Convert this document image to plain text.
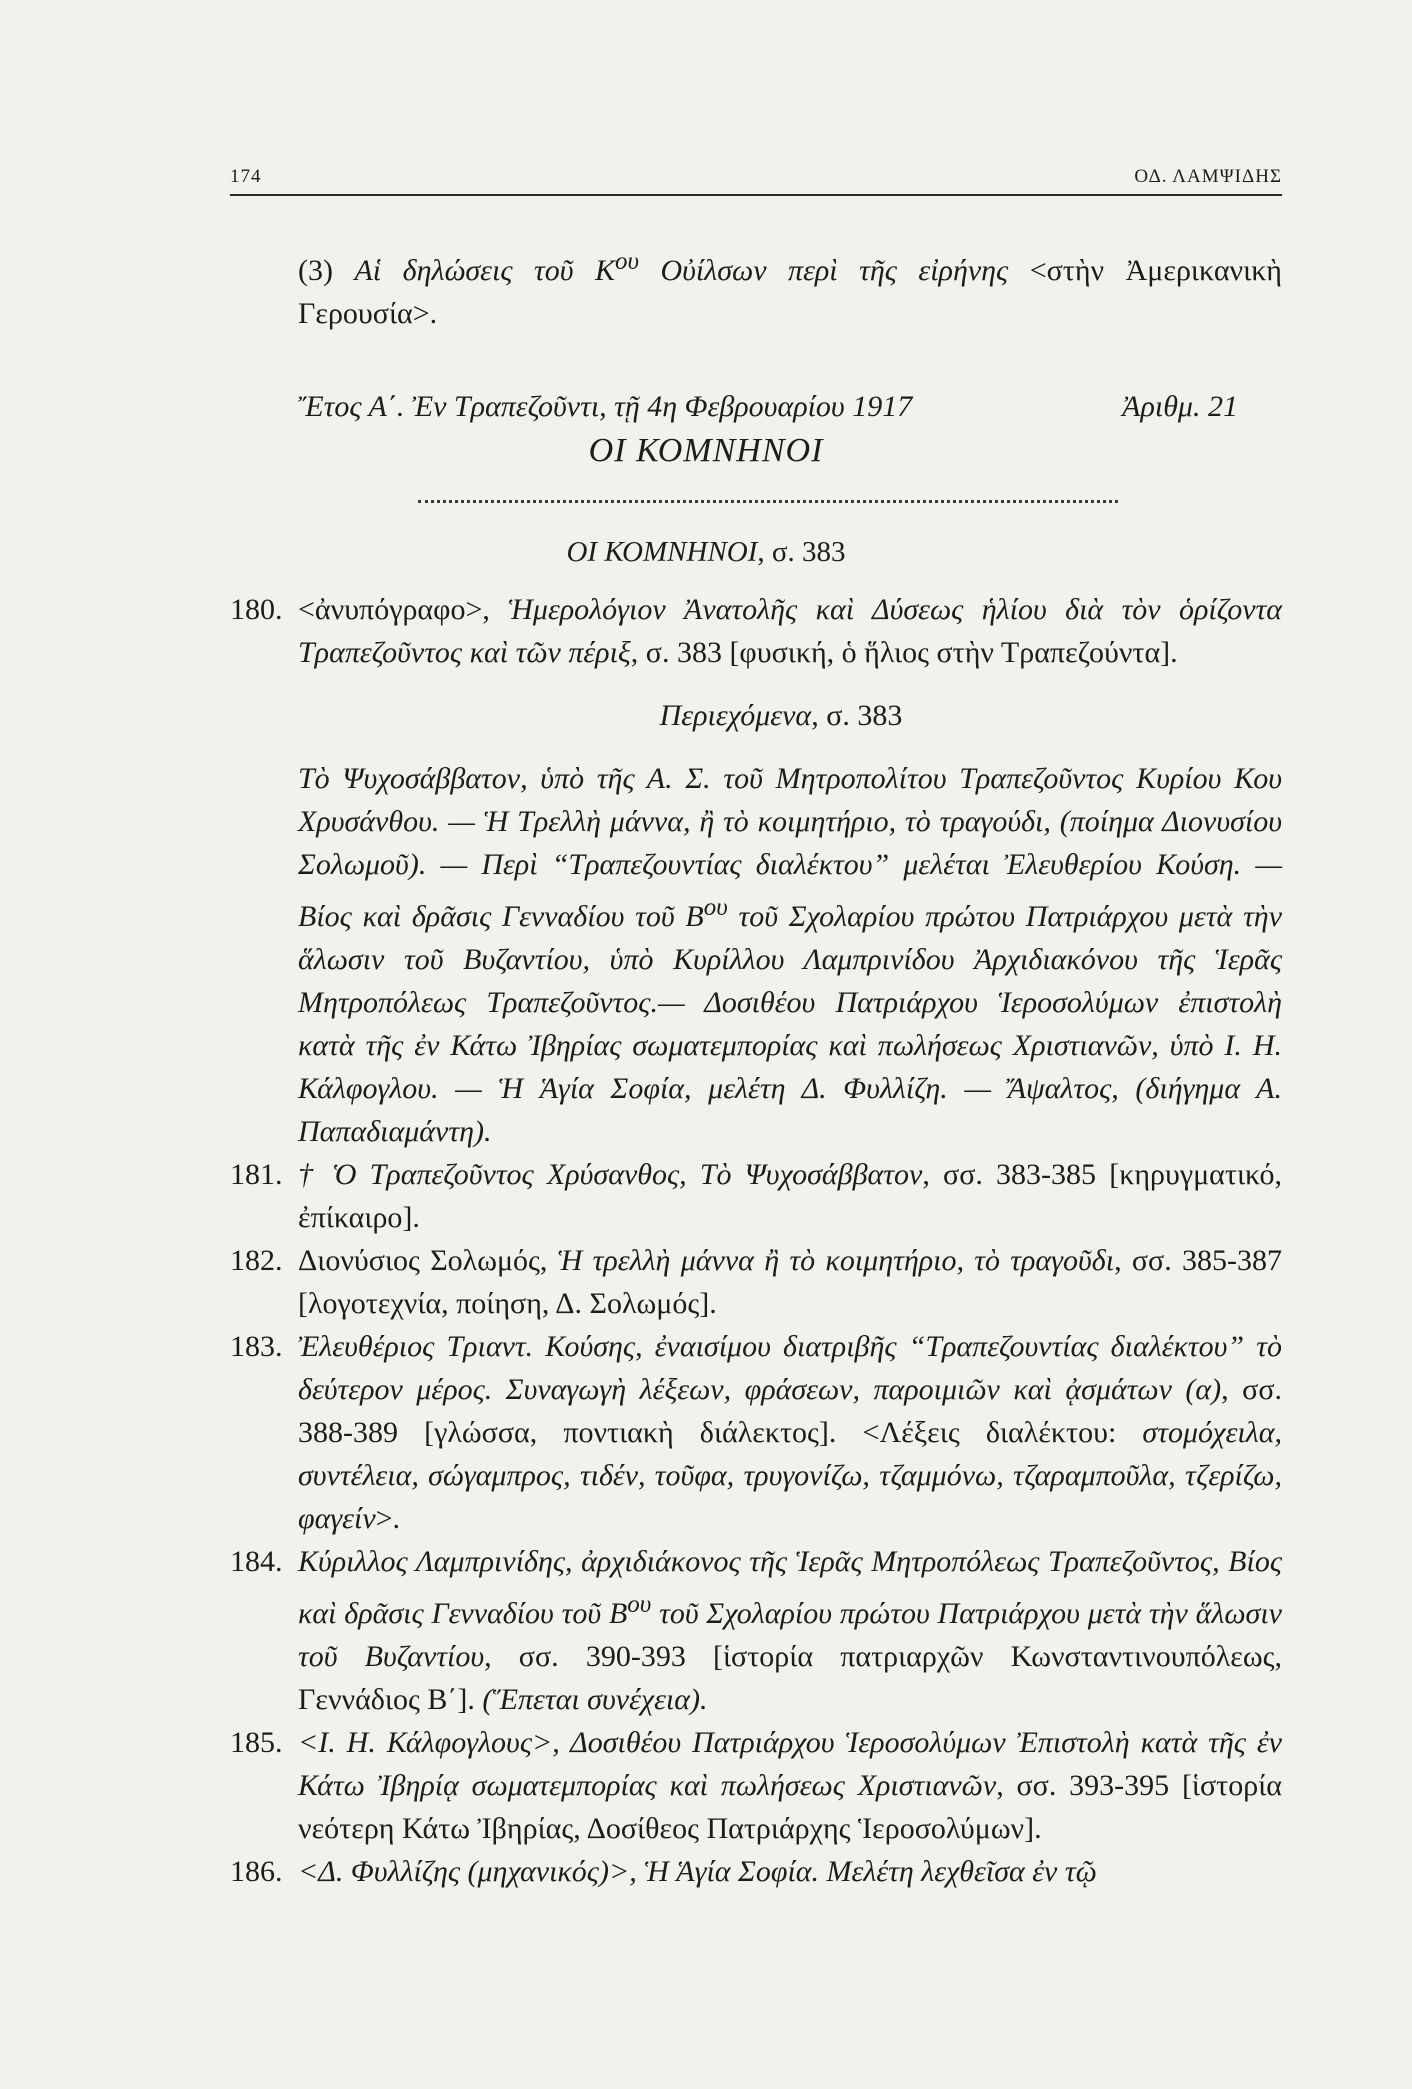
174	ΟΔ. ΛΑΜΨΙΔΗΣ
(3) Αἱ δηλώσεις τοῦ $K^{o\upsilon}$ Οὐίλσων περὶ τῆς εἰρήνης <στὴν Ἀμερικανικὴ Γερουσία>.
Ἔτος Α΄. Ἐν Τραπεζοῦντι, τῇ 4η Φεβρουαρίου 1917	Ἀριθμ. 21
ΟΙ ΚΟΜΝΗΝΟΙ
ΟΙ ΚΟΜΝΗΝΟΙ, σ. 383
180. <ἀνυπόγραφο>, Ἡμερολόγιον Ἀνατολῆς καὶ Δύσεως ἡλίου διὰ τὸν ὁρίζοντα Τραπεζοῦντος καὶ τῶν πέριξ, σ. 383 [φυσική, ὁ ἥλιος στὴν Τραπεζούντα].
Περιεχόμενα, σ. 383
Τὸ Ψυχοσάββατον, ὑπὸ τῆς Α. Σ. τοῦ Μητροπολίτου Τραπεζοῦντος Κυρίου Κου Χρυσάνθου. — Ἡ Τρελλὴ μάννα, ἢ τὸ κοιμητήριο, τὸ τραγούδι, (ποίημα Διονυσίου Σολωμοῦ). — Περὶ “Τραπεζουντίας διαλέκτου” μελέται Ἐλευθερίου Κούση. — Βίος καὶ δρᾶσις Γενναδίου τοῦ $B^{o\upsilon}$ τοῦ Σχολαρίου πρώτου Πατριάρχου μετὰ τὴν ἅλωσιν τοῦ Βυζαντίου, ὑπὸ Κυρίλλου Λαμπρινίδου Ἀρχιδιακόνου τῆς Ἱερᾶς Μητροπόλεως Τραπεζοῦντος.— Δοσιθέου Πατριάρχου Ἱεροσολύμων ἐπιστολὴ κατὰ τῆς ἐν Κάτω Ἰβηρίας σωματεμπορίας καὶ πωλήσεως Χριστιανῶν, ὑπὸ Ι. Η. Κάλφογλου. — Ἡ Ἁγία Σοφία, μελέτη Δ. Φυλλίζη. — Ἄψαλτος, (διήγημα Α. Παπαδιαμάντη).
181. † Ὁ Τραπεζοῦντος Χρύσανθος, Τὸ Ψυχοσάββατον, σσ. 383-385 [κηρυγματικό, ἐπίκαιρο].
182. Διονύσιος Σολωμός, Ἡ τρελλὴ μάννα ἢ τὸ κοιμητήριο, τὸ τραγοῦδι, σσ. 385-387 [λογοτεχνία, ποίηση, Δ. Σολωμός].
183. Ἐλευθέριος Τριαντ. Κούσης, ἐναισίμου διατριβῆς “Τραπεζουντίας διαλέκτου” τὸ δεύτερον μέρος. Συναγωγὴ λέξεων, φράσεων, παροιμιῶν καὶ ᾀσμάτων (α), σσ. 388-389 [γλώσσα, ποντιακὴ διάλεκτος]. <Λέξεις διαλέκτου: στομόχειλα, συντέλεια, σώγαμπρος, τιδέν, τοῦφα, τρυγονίζω, τζαμμόνω, τζαραμποῦλα, τζερίζω, φαγείν>.
184. Κύριλλος Λαμπρινίδης, ἀρχιδιάκονος τῆς Ἱερᾶς Μητροπόλεως Τραπεζοῦντος, Βίος καὶ δρᾶσις Γενναδίου τοῦ $B^{o\upsilon}$ τοῦ Σχολαρίου πρώτου Πατριάρχου μετὰ τὴν ἅλωσιν τοῦ Βυζαντίου, σσ. 390-393 [ἱστορία πατριαρχῶν Κωνσταντινουπόλεως, Γεννάδιος Β΄]. (Ἕπεται συνέχεια).
185. <Ι. Η. Κάλφογλους>, Δοσιθέου Πατριάρχου Ἱεροσολύμων Ἐπιστολὴ κατὰ τῆς ἐν Κάτω Ἰβηρίᾳ σωματεμπορίας καὶ πωλήσεως Χριστιανῶν, σσ. 393-395 [ἱστορία νεότερη Κάτω Ἰβηρίας, Δοσίθεος Πατριάρχης Ἱεροσολύμων].
186. <Δ. Φυλλίζης (μηχανικός)>, Ἡ Ἁγία Σοφία. Μελέτη λεχθεῖσα ἐν τῷ
